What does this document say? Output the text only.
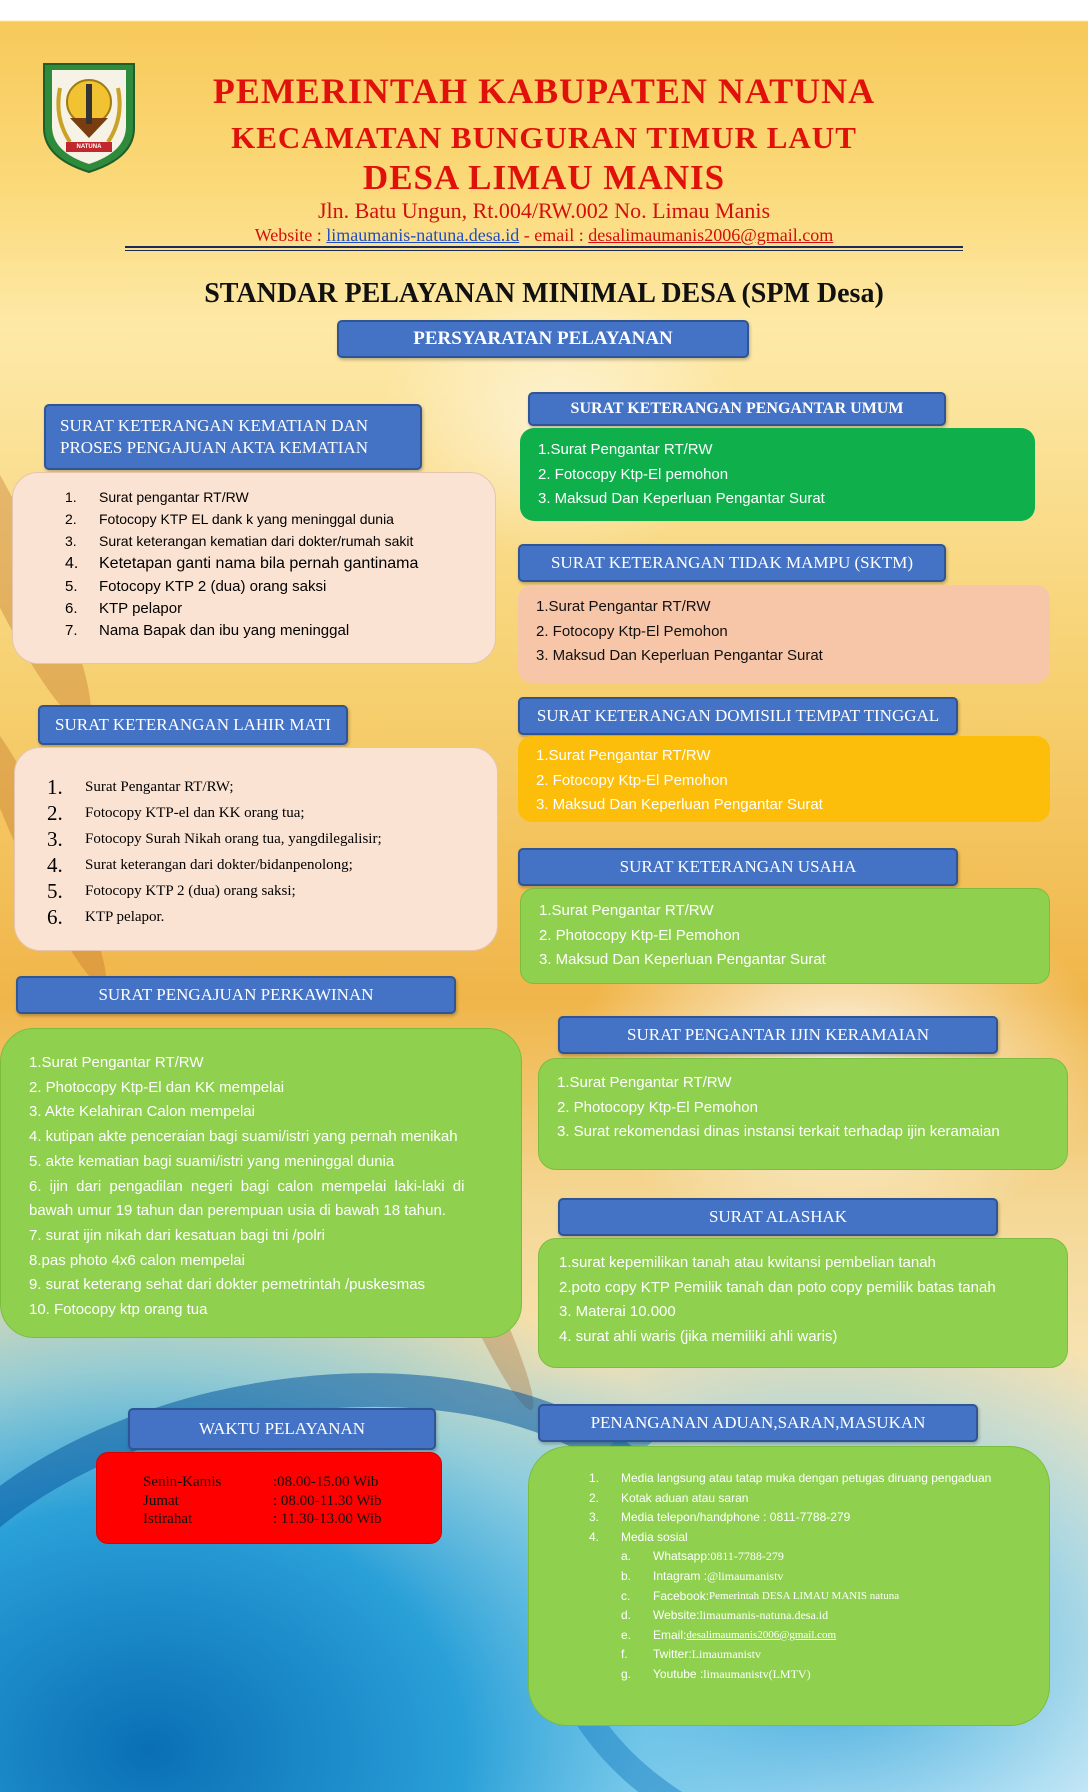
NATUNA
PEMERINTAH KABUPATEN NATUNA
KECAMATAN BUNGURAN TIMUR LAUT
DESA LIMAU MANIS
Jln. Batu Ungun, Rt.004/RW.002 No. Limau Manis
Website : limaumanis-natuna.desa.id - email : desalimaumanis2006@gmail.com
STANDAR PELAYANAN MINIMAL DESA (SPM Desa)
PERSYARATAN PELAYANAN
SURAT KETERANGAN KEMATIAN DAN
PROSES PENGAJUAN AKTA KEMATIAN
1.	Surat pengantar RT/RW
2.	Fotocopy KTP EL dank k yang meninggal dunia
3.	Surat keterangan kematian dari dokter/rumah sakit
4.	Ketetapan ganti nama bila pernah gantinama
5.	Fotocopy KTP 2 (dua) orang saksi
6.	KTP pelapor
7.	Nama Bapak dan ibu yang meninggal
SURAT KETERANGAN LAHIR MATI
1.	Surat Pengantar RT/RW;
2.	Fotocopy KTP-el dan KK orang tua;
3.	Fotocopy Surah Nikah orang tua, yangdilegalisir;
4.	Surat keterangan dari dokter/bidanpenolong;
5.	Fotocopy KTP 2 (dua) orang saksi;
6.	KTP pelapor.
SURAT PENGAJUAN PERKAWINAN
1.Surat Pengantar RT/RW
2. Photocopy Ktp-El dan KK mempelai
3. Akte Kelahiran Calon mempelai
4. kutipan akte penceraian bagi suami/istri yang pernah menikah
5. akte kematian bagi suami/istri yang meninggal dunia
6. ijin dari pengadilan negeri bagi calon mempelai laki-laki di
bawah umur 19 tahun dan perempuan usia di bawah 18 tahun.
7. surat ijin nikah dari kesatuan bagi tni /polri
8.pas photo 4x6 calon mempelai
9. surat keterang sehat dari dokter pemetrintah /puskesmas
10. Fotocopy ktp orang tua
WAKTU PELAYANAN
Senin-Kamis	:08.00-15.00 Wib
Jumat	: 08.00-11.30 Wib
Istirahat	: 11.30-13.00 Wib
SURAT KETERANGAN PENGANTAR UMUM
1.Surat Pengantar RT/RW
2. Fotocopy Ktp-El pemohon
3. Maksud Dan Keperluan Pengantar Surat
SURAT KETERANGAN TIDAK MAMPU (SKTM)
1.Surat Pengantar RT/RW
2. Fotocopy Ktp-El Pemohon
3. Maksud Dan Keperluan Pengantar Surat
SURAT KETERANGAN DOMISILI TEMPAT TINGGAL
1.Surat Pengantar RT/RW
2. Fotocopy Ktp-El Pemohon
3. Maksud Dan Keperluan Pengantar Surat
SURAT KETERANGAN USAHA
1.Surat Pengantar RT/RW
2. Photocopy Ktp-El Pemohon
3. Maksud Dan Keperluan Pengantar Surat
SURAT PENGANTAR IJIN KERAMAIAN
1.Surat Pengantar RT/RW
2. Photocopy Ktp-El Pemohon
3. Surat rekomendasi dinas instansi terkait terhadap ijin keramaian
SURAT ALASHAK
1.surat kepemilikan tanah atau kwitansi pembelian tanah
2.poto copy KTP Pemilik tanah dan poto copy pemilik batas tanah
3. Materai 10.000
4. surat ahli waris (jika memiliki ahli waris)
PENANGANAN ADUAN,SARAN,MASUKAN
1.	Media langsung atau tatap muka dengan petugas diruang pengaduan
2.	Kotak aduan atau saran
3.	Media telepon/handphone : 0811-7788-279
4.	Media sosial
a.	Whatsapp: 0811-7788-279
b.	Intagram : @limaumanistv
c.	Facebook: Pemerintah DESA LIMAU MANIS natuna
d.	Website: limaumanis-natuna.desa.id
e.	Email: desalimaumanis2006@gmail.com
f.	Twitter: Limaumanistv
g.	Youtube : limaumanistv(LMTV)
